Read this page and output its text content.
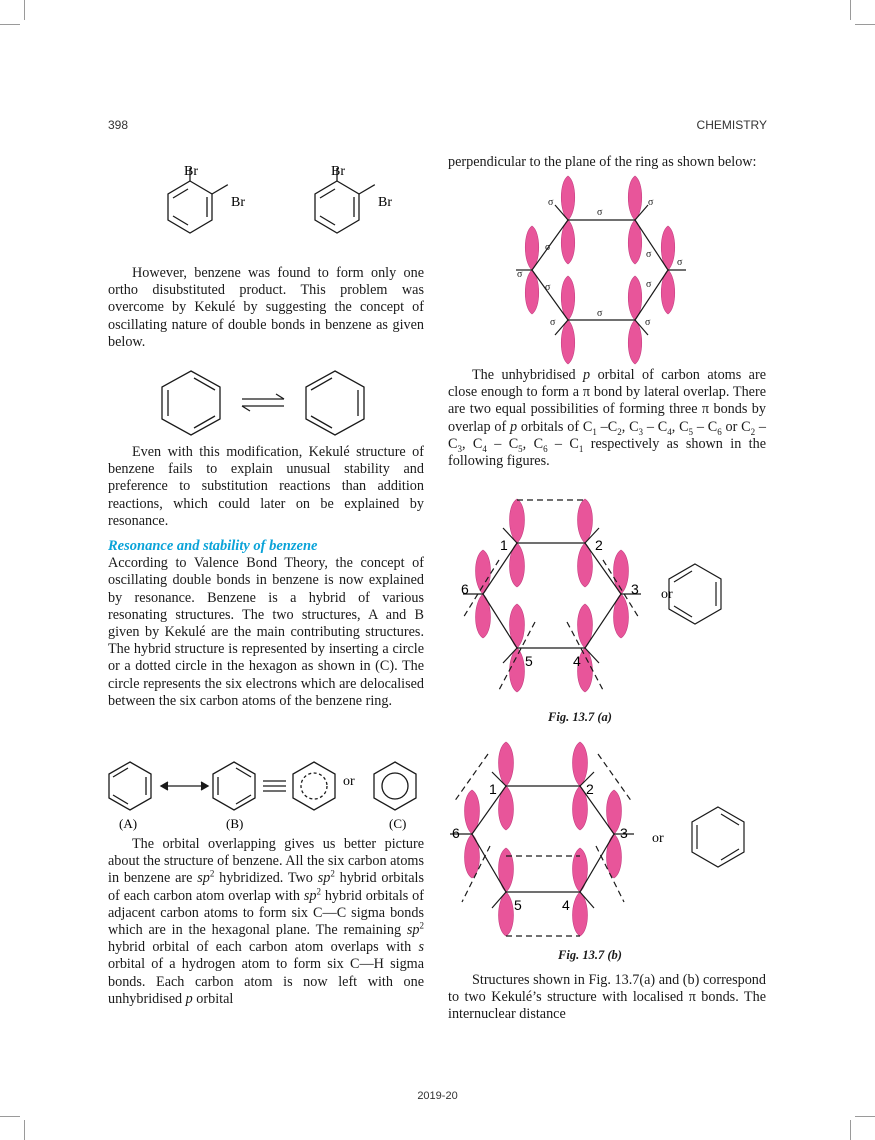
398	CHEMISTRY
Br
Br
Br
Br

However, benzene was found to form only one ortho disubstituted product. This problem was overcome by Kekulé by suggesting the concept of oscillating nature of double bonds in benzene as given below.

Even with this modification, Kekulé structure of benzene fails to explain unusual stability and preference to substitution reactions than addition reactions, which could later on be explained by resonance.

Resonance and stability of benzene

According to Valence Bond Theory, the concept of oscillating double bonds in benzene is now explained by resonance. Benzene is a hybrid of various resonating structures. The two structures, A and B given by Kekulé are the main contributing structures. The hybrid structure is represented by inserting a circle or a dotted circle in the hexagon as shown in (C). The circle represents the six electrons which are delocalised between the six carbon atoms of the benzene ring.

or
(A)	(B)	(C)

The orbital overlapping gives us better picture about the structure of benzene. All the six carbon atoms in benzene are $sp^2$ hybridized. Two $sp^2$ hybrid orbitals of each carbon atom overlap with $sp^2$ hybrid orbitals of adjacent carbon atoms to form six C—C sigma bonds which are in the hexagonal plane. The remaining $sp^2$ hybrid orbital of each carbon atom overlaps with s orbital of a hydrogen atom to form six C—H sigma bonds. Each carbon atom is now left with one unhybridised p orbital

perpendicular to the plane of the ring as shown below:

σ
σ
σ
σ
σ
σ
σ
σ	σ
σ
σ	σ

The unhybridised p orbital of carbon atoms are close enough to form a π bond by lateral overlap. There are two equal possibilities of forming three π bonds by overlap of p orbitals of $C_1$ $-C_2$, $C_3 - C_4$, $C_5 - C_6$ or $C_2 - C_3$, $C_4 - C_5$, $C_6 - C_1$ respectively as shown in the following figures.

1	2
3
4
5
6	or
Fig. 13.7 (a)
1	2
3
4
5
6	or
Fig. 13.7 (b)

Structures shown in Fig. 13.7(a) and (b) correspond to two Kekulé’s structure with localised π bonds. The internuclear distance

2019-20
